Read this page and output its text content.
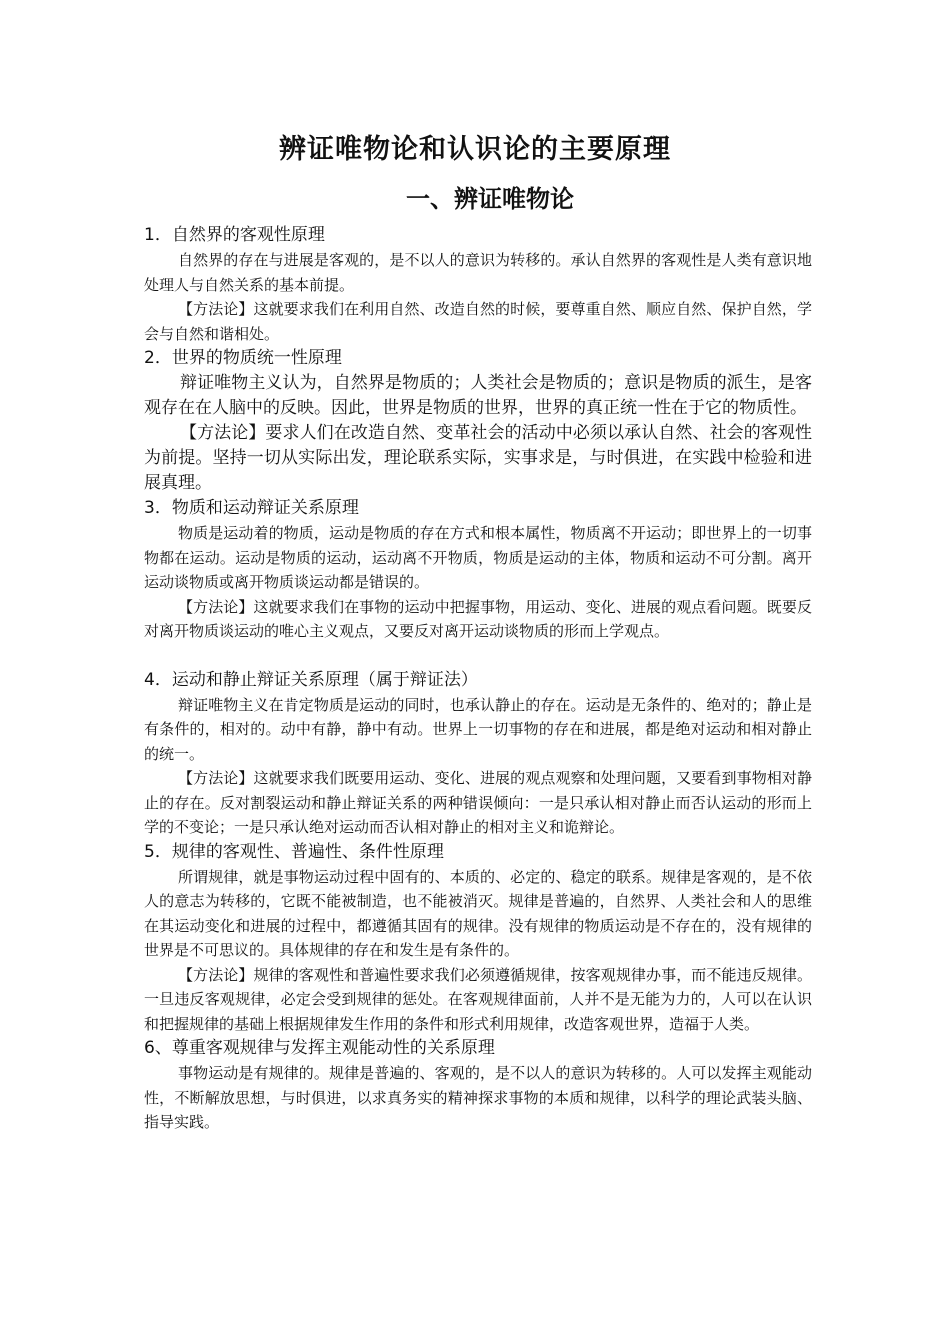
辨证唯物论和认识论的主要原理
一、辨证唯物论

1．自然界的客观性原理

自然界的存在与进展是客观的，是不以人的意识为转移的。承认自然界的客观性是人类有意识地处理人与自然关系的基本前提。

【方法论】这就要求我们在利用自然、改造自然的时候，要尊重自然、顺应自然、保护自然，学会与自然和谐相处。

2．世界的物质统一性原理

辩证唯物主义认为，自然界是物质的；人类社会是物质的；意识是物质的派生，是客观存在在人脑中的反映。因此，世界是物质的世界，世界的真正统一性在于它的物质性。

【方法论】要求人们在改造自然、变革社会的活动中必须以承认自然、社会的客观性为前提。坚持一切从实际出发，理论联系实际，实事求是，与时俱进，在实践中检验和进展真理。

3．物质和运动辩证关系原理

物质是运动着的物质，运动是物质的存在方式和根本属性，物质离不开运动；即世界上的一切事物都在运动。运动是物质的运动，运动离不开物质，物质是运动的主体，物质和运动不可分割。离开运动谈物质或离开物质谈运动都是错误的。

【方法论】这就要求我们在事物的运动中把握事物，用运动、变化、进展的观点看问题。既要反对离开物质谈运动的唯心主义观点，又要反对离开运动谈物质的形而上学观点。

4．运动和静止辩证关系原理（属于辩证法）

辩证唯物主义在肯定物质是运动的同时，也承认静止的存在。运动是无条件的、绝对的；静止是有条件的，相对的。动中有静，静中有动。世界上一切事物的存在和进展，都是绝对运动和相对静止的统一。

【方法论】这就要求我们既要用运动、变化、进展的观点观察和处理问题，又要看到事物相对静止的存在。反对割裂运动和静止辩证关系的两种错误倾向：一是只承认相对静止而否认运动的形而上学的不变论；一是只承认绝对运动而否认相对静止的相对主义和诡辩论。

5．规律的客观性、普遍性、条件性原理

所谓规律，就是事物运动过程中固有的、本质的、必定的、稳定的联系。规律是客观的，是不依人的意志为转移的，它既不能被制造，也不能被消灭。规律是普遍的，自然界、人类社会和人的思维在其运动变化和进展的过程中，都遵循其固有的规律。没有规律的物质运动是不存在的，没有规律的世界是不可思议的。具体规律的存在和发生是有条件的。

【方法论】规律的客观性和普遍性要求我们必须遵循规律，按客观规律办事，而不能违反规律。一旦违反客观规律，必定会受到规律的惩处。在客观规律面前，人并不是无能为力的，人可以在认识和把握规律的基础上根据规律发生作用的条件和形式利用规律，改造客观世界，造福于人类。

6、尊重客观规律与发挥主观能动性的关系原理

事物运动是有规律的。规律是普遍的、客观的，是不以人的意识为转移的。人可以发挥主观能动性，不断解放思想，与时俱进，以求真务实的精神探求事物的本质和规律，以科学的理论武装头脑、指导实践。
